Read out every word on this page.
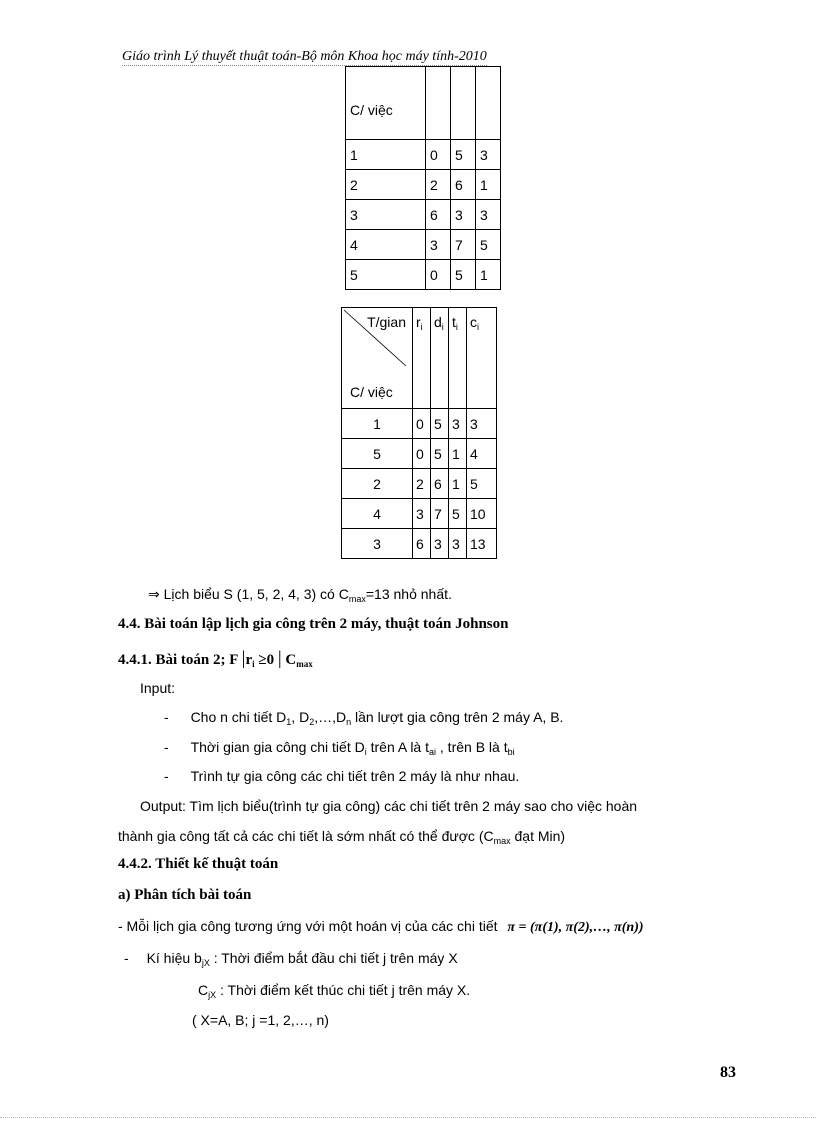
Giáo trình Lý thuyết thuật toán-Bộ môn Khoa học máy tính-2010
C/ việc			
1	0	5	3
2	2	6	1
3	6	3	3
4	3	7	5
5	0	5	1
T/gian
C/ việc	$r_i$	$d_i$	$t_i$	$c_i$
1	0	5	3	3
5	0	5	1	4
2	2	6	1	5
4	3	7	5	10
3	6	3	3	13
⇒ Lịch biểu S (1, 5, 2, 4, 3) có $C_{max}=13$ nhỏ nhất.
4.4. Bài toán lập lịch gia công trên 2 máy, thuật toán Johnson
4.4.1. Bài toán 2; F $|r_i \ge 0$ | $C_{max}$
Input:
- Cho n chi tiết $D_1$, $D_2,\dots,D_n$ lần lượt gia công trên 2 máy A, B.
- Thời gian gia công chi tiết $D_i$ trên A là $t_{ai}$ , trên B là $t_{bi}$
- Trình tự gia công các chi tiết trên 2 máy là như nhau.
Output: Tìm lịch biểu(trình tự gia công) các chi tiết trên 2 máy sao cho việc hoàn
thành gia công tất cả các chi tiết là sớm nhất có thể được ($C_{max}$ đạt Min)
4.4.2. Thiết kế thuật toán
a) Phân tích bài toán
- Mỗi lịch gia công tương ứng với một hoán vị của các chi tiết π = (π(1), π(2),…, π(n))
- Kí hiệu $b_{jX}$ : Thời điểm bắt đầu chi tiết j trên máy X
$C_{jX}$ : Thời điểm kết thúc chi tiết j trên máy X.
( X=A, B; j =1, 2,…, n)
83
